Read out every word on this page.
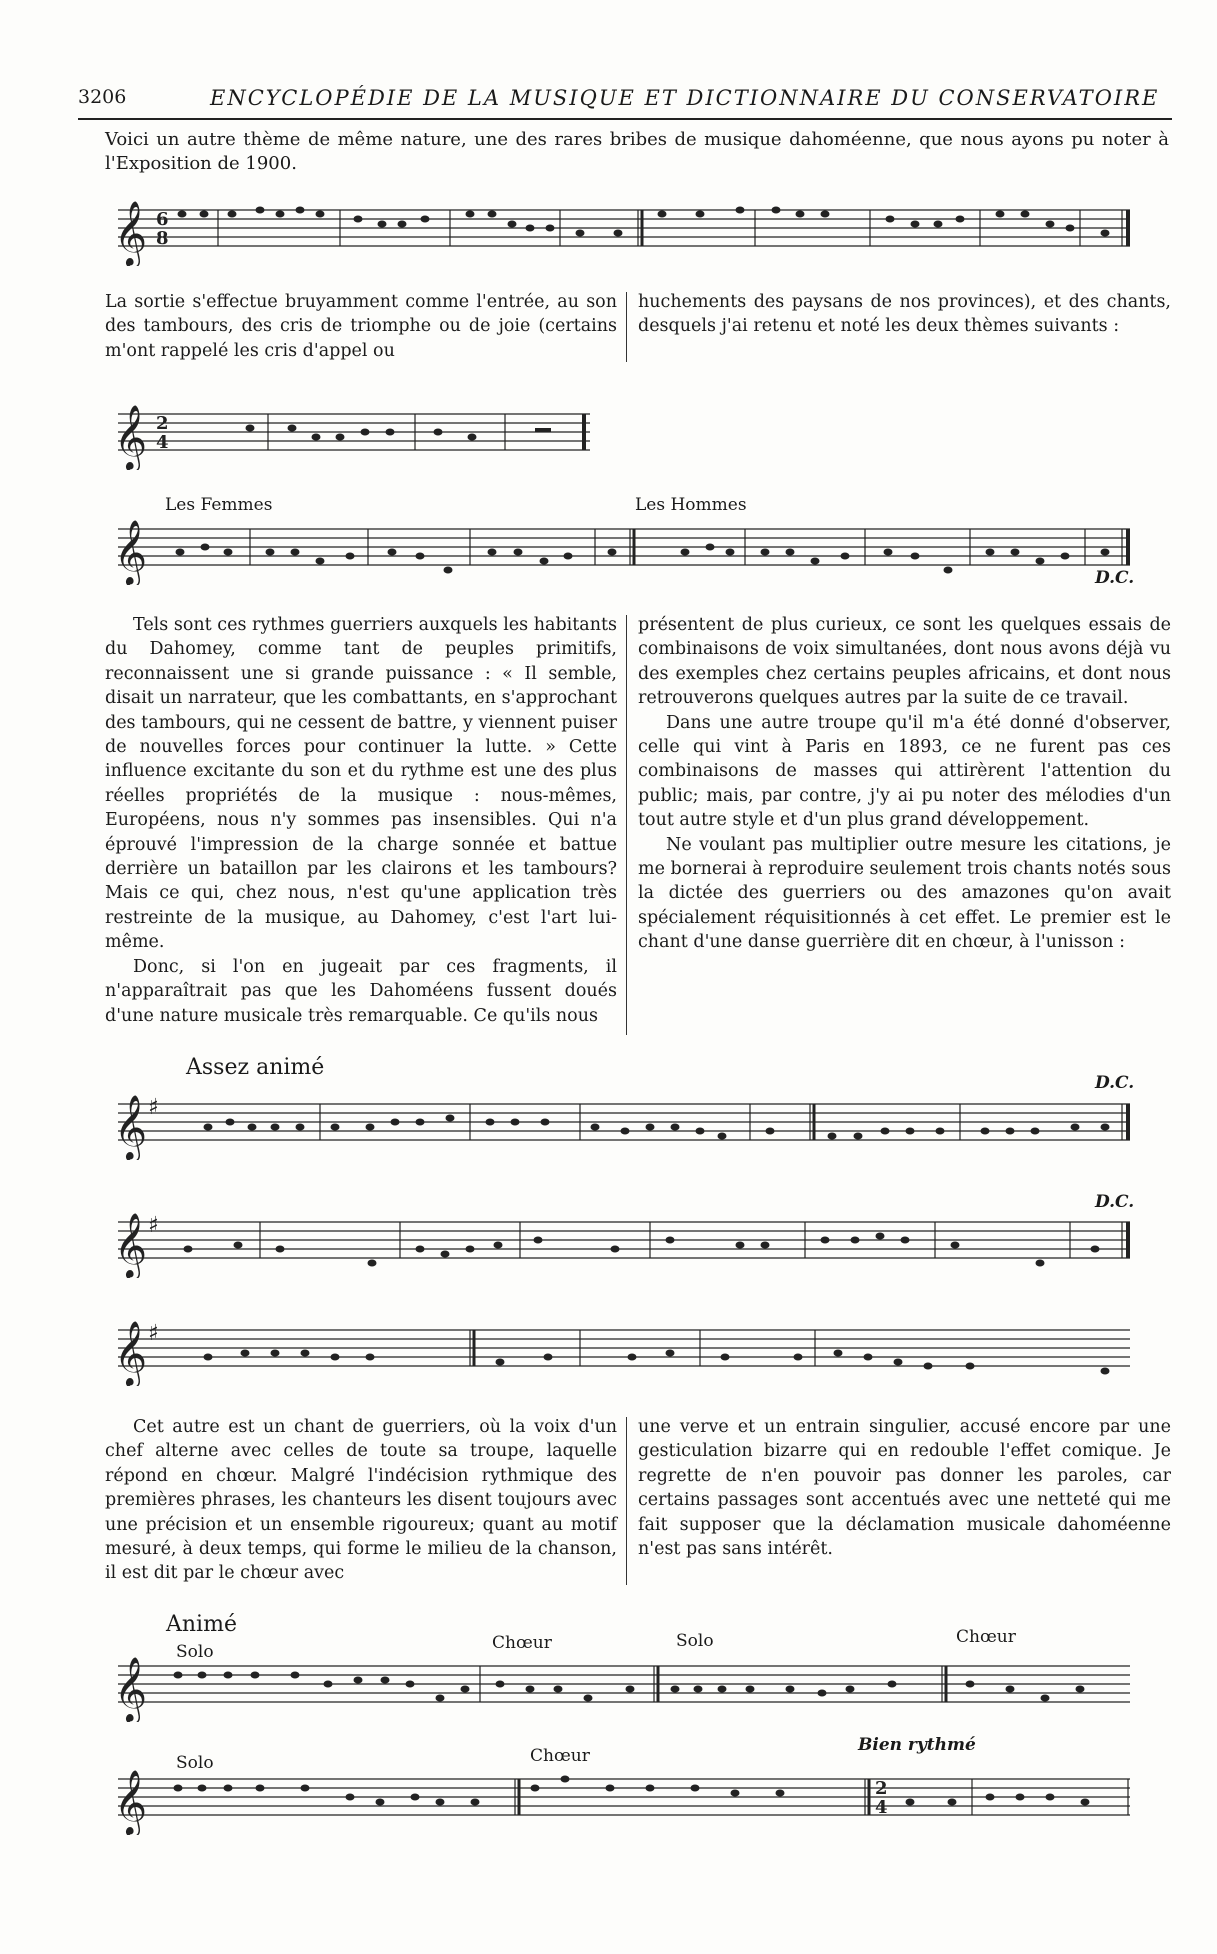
3206	ENCYCLOPÉDIE DE LA MUSIQUE ET DICTIONNAIRE DU CONSERVATOIRE
Voici un autre thème de même nature, une des rares bribes de musique dahoméenne, que nous ayons pu noter à l'Exposition de 1900.
𝄞 6
8
La sortie s'effectue bruyamment comme l'entrée, au son des tambours, des cris de triomphe ou de joie (certains m'ont rappelé les cris d'appel ou
huchements des paysans de nos provinces), et des chants, desquels j'ai retenu et noté les deux thèmes suivants :
𝄞 2
4
Les Femmes	Les Hommes
𝄞	D.C.

Tels sont ces rythmes guerriers auxquels les habitants du Dahomey, comme tant de peuples primitifs, reconnaissent une si grande puissance : « Il semble, disait un narrateur, que les combattants, en s'approchant des tambours, qui ne cessent de battre, y viennent puiser de nouvelles forces pour continuer la lutte. » Cette influence excitante du son et du rythme est une des plus réelles propriétés de la musique : nous-mêmes, Européens, nous n'y sommes pas insensibles. Qui n'a éprouvé l'impression de la charge sonnée et battue derrière un bataillon par les clairons et les tambours? Mais ce qui, chez nous, n'est qu'une application très restreinte de la musique, au Dahomey, c'est l'art lui-même.

Donc, si l'on en jugeait par ces fragments, il n'apparaîtrait pas que les Dahoméens fussent doués d'une nature musicale très remarquable. Ce qu'ils nous

présentent de plus curieux, ce sont les quelques essais de combinaisons de voix simultanées, dont nous avons déjà vu des exemples chez certains peuples africains, et dont nous retrouverons quelques autres par la suite de ce travail.

Dans une autre troupe qu'il m'a été donné d'observer, celle qui vint à Paris en 1893, ce ne furent pas ces combinaisons de masses qui attirèrent l'attention du public; mais, par contre, j'y ai pu noter des mélodies d'un tout autre style et d'un plus grand développement.

Ne voulant pas multiplier outre mesure les citations, je me bornerai à reproduire seulement trois chants notés sous la dictée des guerriers ou des amazones qu'on avait spécialement réquisitionnés à cet effet. Le premier est le chant d'une danse guerrière dit en chœur, à l'unisson :

Assez animé
D.C.
𝄞 ♯
D.C.
𝄞 ♯
𝄞 ♯
Cet autre est un chant de guerriers, où la voix d'un chef alterne avec celles de toute sa troupe, laquelle répond en chœur. Malgré l'indécision rythmique des premières phrases, les chanteurs les disent toujours avec une précision et un ensemble rigoureux; quant au motif mesuré, à deux temps, qui forme le milieu de la chanson, il est dit par le chœur avec
une verve et un entrain singulier, accusé encore par une gesticulation bizarre qui en redouble l'effet comique. Je regrette de n'en pouvoir pas donner les paroles, car certains passages sont accentués avec une netteté qui me fait supposer que la déclamation musicale dahoméenne n'est pas sans intérêt.
Animé
Solo	Chœur	Solo	Chœur
𝄞
Solo	Chœur
Bien rythmé
𝄞	2
4
